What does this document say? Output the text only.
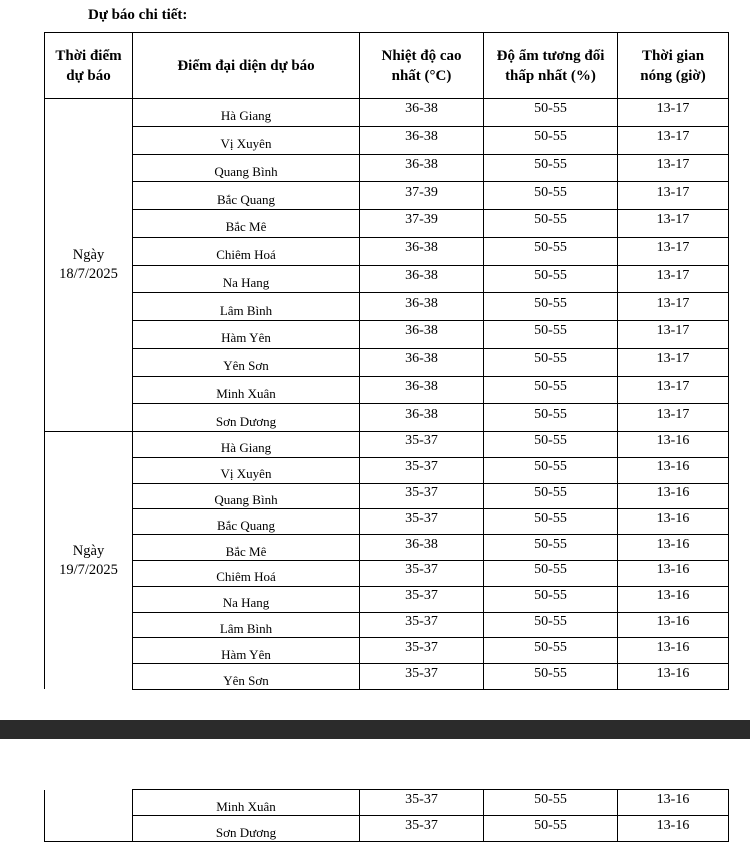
Dự báo chi tiết:
Thời điểm
dự báo	Điểm đại diện dự báo	Nhiệt độ cao
nhất (°C)	Độ ẩm tương đối
thấp nhất (%)	Thời gian
nóng (giờ)
Ngày
18/7/2025	Hà Giang	36-38	50-55	13-17
	Vị Xuyên	36-38	50-55	13-17
	Quang Bình	36-38	50-55	13-17
	Bắc Quang	37-39	50-55	13-17
	Bắc Mê	37-39	50-55	13-17
	Chiêm Hoá	36-38	50-55	13-17
	Na Hang	36-38	50-55	13-17
	Lâm Bình	36-38	50-55	13-17
	Hàm Yên	36-38	50-55	13-17
	Yên Sơn	36-38	50-55	13-17
	Minh Xuân	36-38	50-55	13-17
	Sơn Dương	36-38	50-55	13-17
Ngày
19/7/2025	Hà Giang	35-37	50-55	13-16
	Vị Xuyên	35-37	50-55	13-16
	Quang Bình	35-37	50-55	13-16
	Bắc Quang	35-37	50-55	13-16
	Bắc Mê	36-38	50-55	13-16
	Chiêm Hoá	35-37	50-55	13-16
	Na Hang	35-37	50-55	13-16
	Lâm Bình	35-37	50-55	13-16
	Hàm Yên	35-37	50-55	13-16
	Yên Sơn	35-37	50-55	13-16
	Minh Xuân	35-37	50-55	13-16
	Sơn Dương	35-37	50-55	13-16
